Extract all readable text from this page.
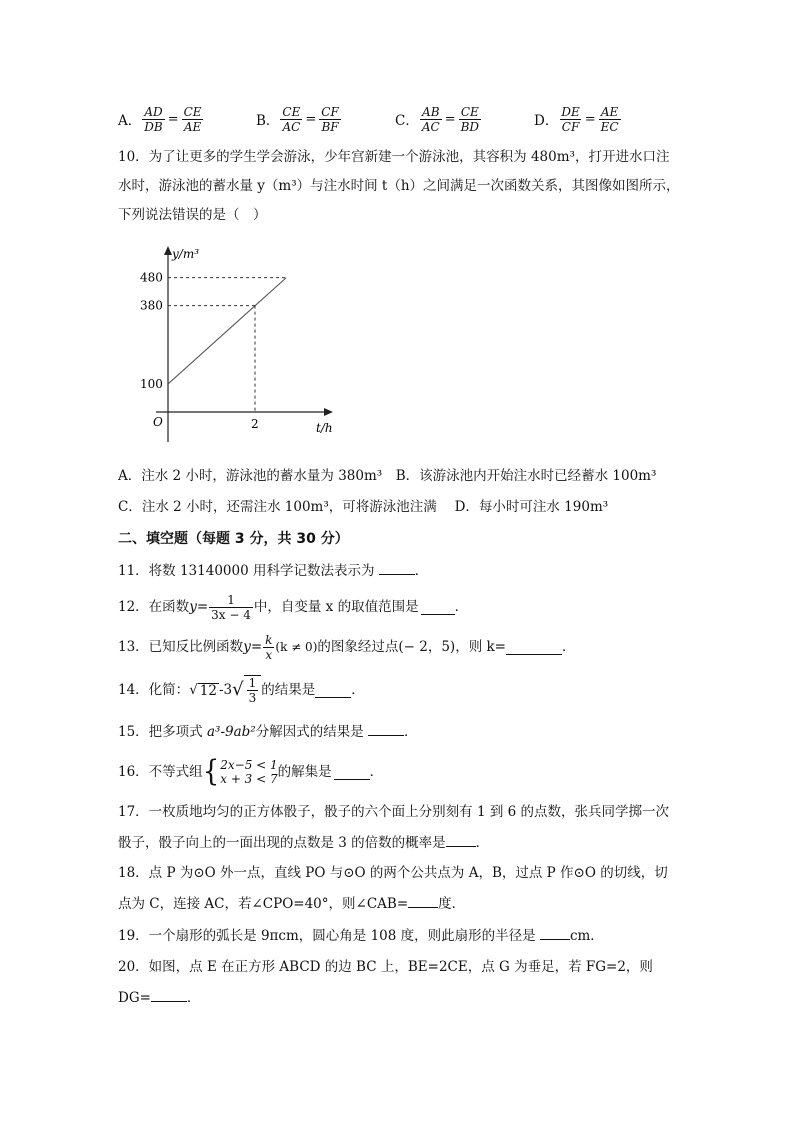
A． $\frac{AD}{DB} = \frac{CE}{AE}$	B． $\frac{CE}{AC} = \frac{CF}{BF}$	C． $\frac{AB}{AC} = \frac{CE}{BD}$	D． $\frac{DE}{CF} = \frac{AE}{EC}$
10．为了让更多的学生学会游泳，少年宫新建一个游泳池，其容积为 480m³，打开进水口注
水时，游泳池的蓄水量 y（m³）与注水时间 t（h）之间满足一次函数关系，其图像如图所示，
下列说法错误的是（　）
y/m³
t/h
O
100
380
480
2
A．注水 2 小时，游泳池的蓄水量为 380m³　B．该游泳池内开始注水时已经蓄水 100m³
C．注水 2 小时，还需注水 100m³，可将游泳池注满　 D．每小时可注水 190m³
二、填空题（每题 3 分，共 30 分）
11．将数 13140000 用科学记数法表示为	．
12．在函数 $y = \frac{1}{3x - 4}$ 中，自变量 x 的取值范围是	．
13．已知反比例函数 $y = \frac{k}{x} (k \ne 0)$ 的图象经过点(− 2，5)，则 k=	．
14．化简： √ 12 -3 √ $\frac{1}{3}$ 的结果是	．
15．把多项式 a³-9ab²分解因式的结果是	．
16．不等式组 { 2x−5 < 1
x + 3 < 7 的解集是	．
17．一枚质地均匀的正方体骰子，骰子的六个面上分别刻有 1 到 6 的点数，张兵同学掷一次
骰子，骰子向上的一面出现的点数是 3 的倍数的概率是 ．
18．点 P 为⊙O 外一点，直线 PO 与⊙O 的两个公共点为 A，B，过点 P 作⊙O 的切线，切
点为 C，连接 AC，若∠CPO=40°，则∠CAB= 度．
19．一个扇形的弧长是 9πcm，圆心角是 108 度，则此扇形的半径是 cm．
20．如图，点 E 在正方形 ABCD 的边 BC 上，BE=2CE，点 G 为垂足，若 FG=2，则
DG=	．
